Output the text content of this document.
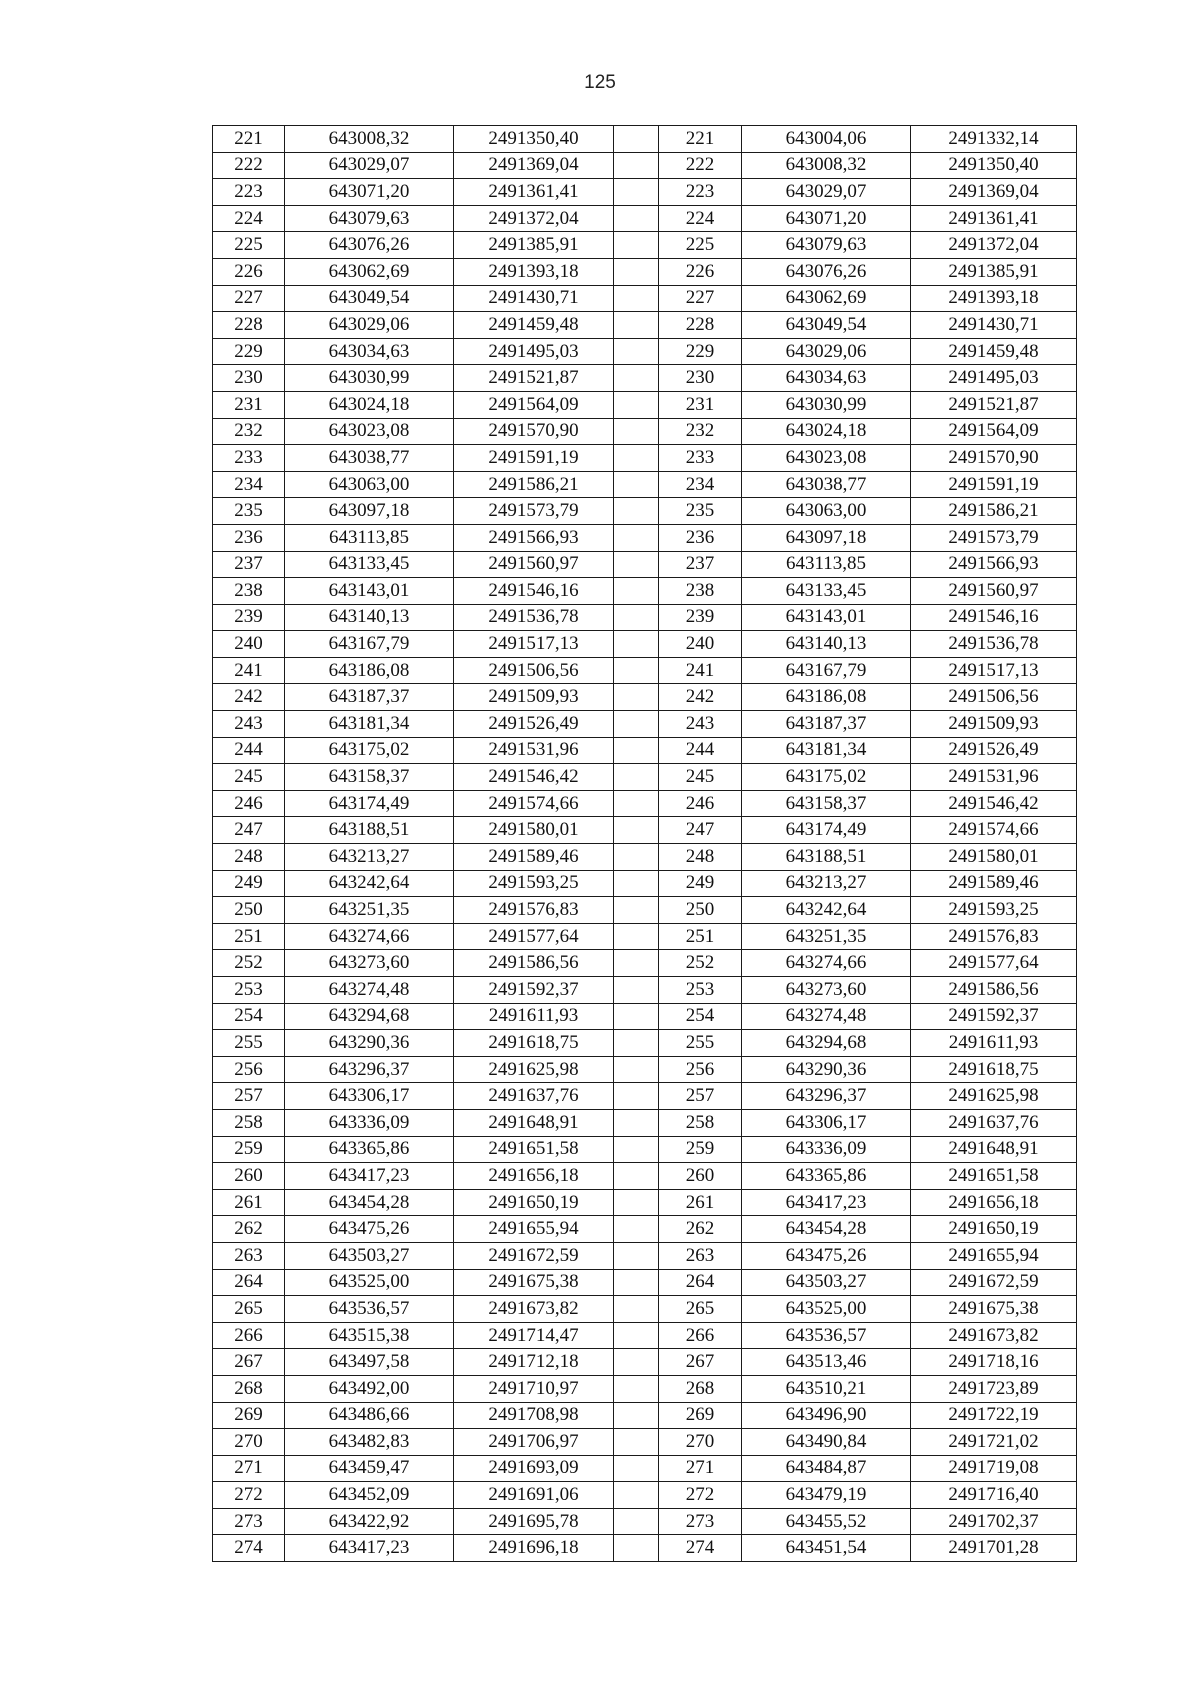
125
221	643008,32	2491350,40		221	643004,06	2491332,14
222	643029,07	2491369,04		222	643008,32	2491350,40
223	643071,20	2491361,41		223	643029,07	2491369,04
224	643079,63	2491372,04		224	643071,20	2491361,41
225	643076,26	2491385,91		225	643079,63	2491372,04
226	643062,69	2491393,18		226	643076,26	2491385,91
227	643049,54	2491430,71		227	643062,69	2491393,18
228	643029,06	2491459,48		228	643049,54	2491430,71
229	643034,63	2491495,03		229	643029,06	2491459,48
230	643030,99	2491521,87		230	643034,63	2491495,03
231	643024,18	2491564,09		231	643030,99	2491521,87
232	643023,08	2491570,90		232	643024,18	2491564,09
233	643038,77	2491591,19		233	643023,08	2491570,90
234	643063,00	2491586,21		234	643038,77	2491591,19
235	643097,18	2491573,79		235	643063,00	2491586,21
236	643113,85	2491566,93		236	643097,18	2491573,79
237	643133,45	2491560,97		237	643113,85	2491566,93
238	643143,01	2491546,16		238	643133,45	2491560,97
239	643140,13	2491536,78		239	643143,01	2491546,16
240	643167,79	2491517,13		240	643140,13	2491536,78
241	643186,08	2491506,56		241	643167,79	2491517,13
242	643187,37	2491509,93		242	643186,08	2491506,56
243	643181,34	2491526,49		243	643187,37	2491509,93
244	643175,02	2491531,96		244	643181,34	2491526,49
245	643158,37	2491546,42		245	643175,02	2491531,96
246	643174,49	2491574,66		246	643158,37	2491546,42
247	643188,51	2491580,01		247	643174,49	2491574,66
248	643213,27	2491589,46		248	643188,51	2491580,01
249	643242,64	2491593,25		249	643213,27	2491589,46
250	643251,35	2491576,83		250	643242,64	2491593,25
251	643274,66	2491577,64		251	643251,35	2491576,83
252	643273,60	2491586,56		252	643274,66	2491577,64
253	643274,48	2491592,37		253	643273,60	2491586,56
254	643294,68	2491611,93		254	643274,48	2491592,37
255	643290,36	2491618,75		255	643294,68	2491611,93
256	643296,37	2491625,98		256	643290,36	2491618,75
257	643306,17	2491637,76		257	643296,37	2491625,98
258	643336,09	2491648,91		258	643306,17	2491637,76
259	643365,86	2491651,58		259	643336,09	2491648,91
260	643417,23	2491656,18		260	643365,86	2491651,58
261	643454,28	2491650,19		261	643417,23	2491656,18
262	643475,26	2491655,94		262	643454,28	2491650,19
263	643503,27	2491672,59		263	643475,26	2491655,94
264	643525,00	2491675,38		264	643503,27	2491672,59
265	643536,57	2491673,82		265	643525,00	2491675,38
266	643515,38	2491714,47		266	643536,57	2491673,82
267	643497,58	2491712,18		267	643513,46	2491718,16
268	643492,00	2491710,97		268	643510,21	2491723,89
269	643486,66	2491708,98		269	643496,90	2491722,19
270	643482,83	2491706,97		270	643490,84	2491721,02
271	643459,47	2491693,09		271	643484,87	2491719,08
272	643452,09	2491691,06		272	643479,19	2491716,40
273	643422,92	2491695,78		273	643455,52	2491702,37
274	643417,23	2491696,18		274	643451,54	2491701,28
